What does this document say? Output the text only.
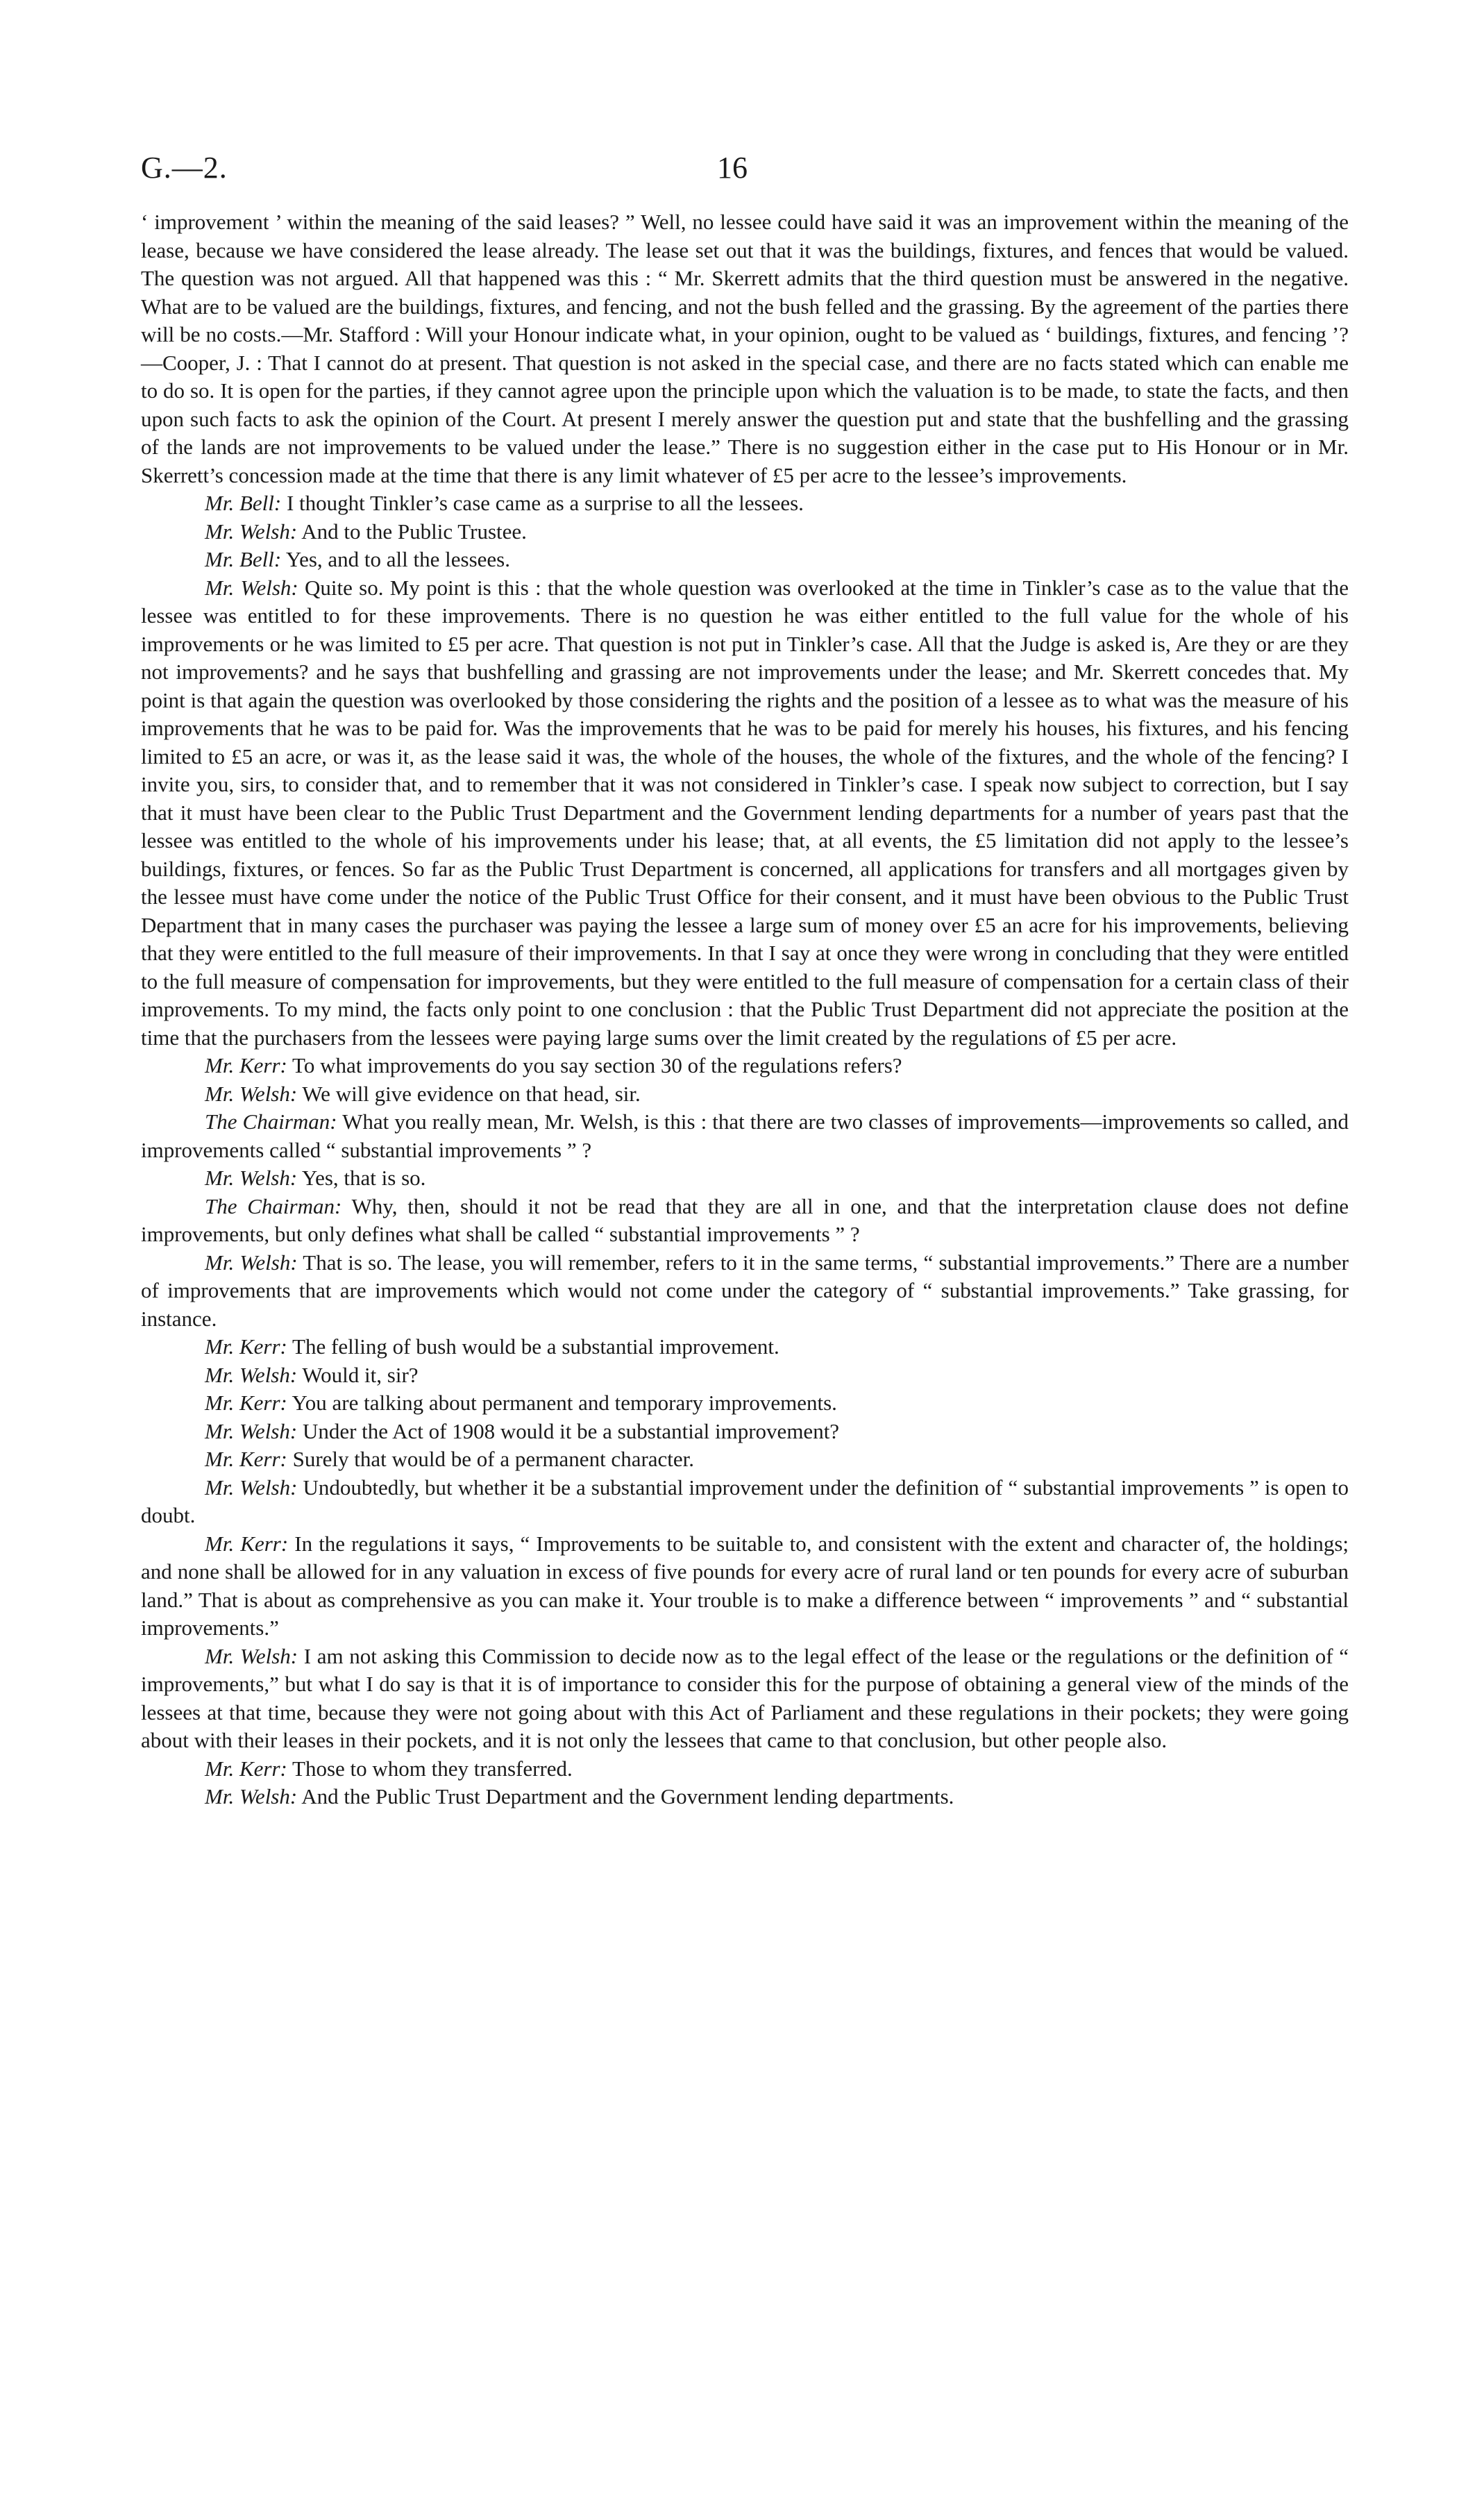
G.—2.	16

‘ improvement ’ within the meaning of the said leases? ” Well, no lessee could have said it was an improvement within the meaning of the lease, because we have considered the lease already. The lease set out that it was the buildings, fixtures, and fences that would be valued. The question was not argued. All that happened was this : “ Mr. Skerrett admits that the third question must be answered in the negative. What are to be valued are the buildings, fixtures, and fencing, and not the bush felled and the grassing. By the agreement of the parties there will be no costs.—Mr. Stafford : Will your Honour indicate what, in your opinion, ought to be valued as ‘ buildings, fixtures, and fencing ’?—Cooper, J. : That I cannot do at present. That question is not asked in the special case, and there are no facts stated which can enable me to do so. It is open for the parties, if they cannot agree upon the principle upon which the valuation is to be made, to state the facts, and then upon such facts to ask the opinion of the Court. At present I merely answer the question put and state that the bushfelling and the grassing of the lands are not improvements to be valued under the lease.” There is no suggestion either in the case put to His Honour or in Mr. Skerrett’s concession made at the time that there is any limit whatever of £5 per acre to the lessee’s improvements.

Mr. Bell: I thought Tinkler’s case came as a surprise to all the lessees.

Mr. Welsh: And to the Public Trustee.

Mr. Bell: Yes, and to all the lessees.

Mr. Welsh: Quite so. My point is this : that the whole question was overlooked at the time in Tinkler’s case as to the value that the lessee was entitled to for these improvements. There is no question he was either entitled to the full value for the whole of his improvements or he was limited to £5 per acre. That question is not put in Tinkler’s case. All that the Judge is asked is, Are they or are they not improvements? and he says that bushfelling and grassing are not improvements under the lease; and Mr. Skerrett concedes that. My point is that again the question was overlooked by those considering the rights and the position of a lessee as to what was the measure of his improvements that he was to be paid for. Was the improvements that he was to be paid for merely his houses, his fixtures, and his fencing limited to £5 an acre, or was it, as the lease said it was, the whole of the houses, the whole of the fixtures, and the whole of the fencing? I invite you, sirs, to consider that, and to remember that it was not considered in Tinkler’s case. I speak now subject to correction, but I say that it must have been clear to the Public Trust Department and the Government lending departments for a number of years past that the lessee was entitled to the whole of his improvements under his lease; that, at all events, the £5 limitation did not apply to the lessee’s buildings, fixtures, or fences. So far as the Public Trust Department is concerned, all applications for transfers and all mortgages given by the lessee must have come under the notice of the Public Trust Office for their consent, and it must have been obvious to the Public Trust Department that in many cases the purchaser was paying the lessee a large sum of money over £5 an acre for his improvements, believing that they were entitled to the full measure of their improvements. In that I say at once they were wrong in concluding that they were entitled to the full measure of compensation for improvements, but they were entitled to the full measure of compensation for a certain class of their improvements. To my mind, the facts only point to one conclusion : that the Public Trust Department did not appreciate the position at the time that the purchasers from the lessees were paying large sums over the limit created by the regulations of £5 per acre.

Mr. Kerr: To what improvements do you say section 30 of the regulations refers?

Mr. Welsh: We will give evidence on that head, sir.

The Chairman: What you really mean, Mr. Welsh, is this : that there are two classes of improvements—improvements so called, and improvements called “ substantial improvements ” ?

Mr. Welsh: Yes, that is so.

The Chairman: Why, then, should it not be read that they are all in one, and that the interpretation clause does not define improvements, but only defines what shall be called “ substantial improvements ” ?

Mr. Welsh: That is so. The lease, you will remember, refers to it in the same terms, “ substantial improvements.” There are a number of improvements that are improvements which would not come under the category of “ substantial improvements.” Take grassing, for instance.

Mr. Kerr: The felling of bush would be a substantial improvement.

Mr. Welsh: Would it, sir?

Mr. Kerr: You are talking about permanent and temporary improvements.

Mr. Welsh: Under the Act of 1908 would it be a substantial improvement?

Mr. Kerr: Surely that would be of a permanent character.

Mr. Welsh: Undoubtedly, but whether it be a substantial improvement under the definition of “ substantial improvements ” is open to doubt.

Mr. Kerr: In the regulations it says, “ Improvements to be suitable to, and consistent with the extent and character of, the holdings; and none shall be allowed for in any valuation in excess of five pounds for every acre of rural land or ten pounds for every acre of suburban land.” That is about as comprehensive as you can make it. Your trouble is to make a difference between “ improvements ” and “ substantial improvements.”

Mr. Welsh: I am not asking this Commission to decide now as to the legal effect of the lease or the regulations or the definition of “ improvements,” but what I do say is that it is of importance to consider this for the purpose of obtaining a general view of the minds of the lessees at that time, because they were not going about with this Act of Parliament and these regulations in their pockets; they were going about with their leases in their pockets, and it is not only the lessees that came to that conclusion, but other people also.

Mr. Kerr: Those to whom they transferred.

Mr. Welsh: And the Public Trust Department and the Government lending departments.
